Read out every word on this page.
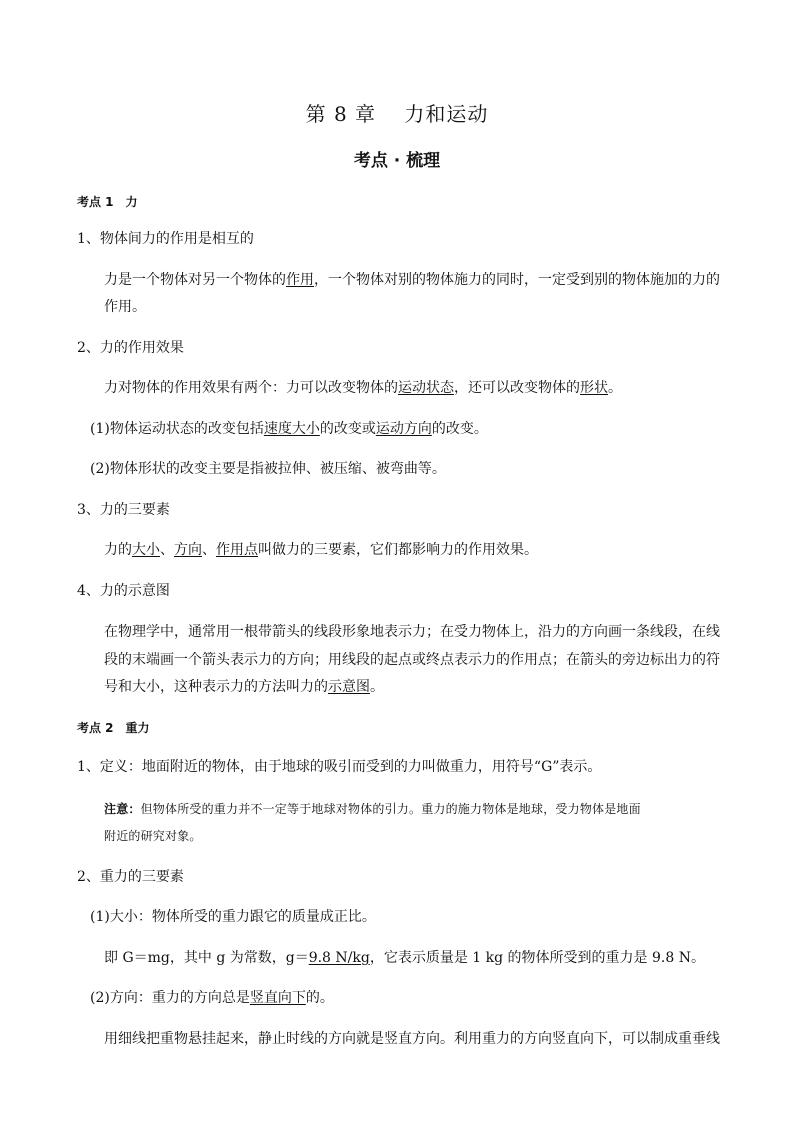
第 8 章　 力和运动
考点 · 梳理
考点 1　力
1、物体间力的作用是相互的
力是一个物体对另一个物体的作用，一个物体对别的物体施力的同时，一定受到别的物体施加的力的
作用。
2、力的作用效果
力对物体的作用效果有两个：力可以改变物体的运动状态，还可以改变物体的形状。
(1)物体运动状态的改变包括速度大小的改变或运动方向的改变。
(2)物体形状的改变主要是指被拉伸、被压缩、被弯曲等。
3、力的三要素
力的大小、方向、作用点叫做力的三要素，它们都影响力的作用效果。
4、力的示意图
在物理学中，通常用一根带箭头的线段形象地表示力；在受力物体上，沿力的方向画一条线段，在线
段的末端画一个箭头表示力的方向；用线段的起点或终点表示力的作用点；在箭头的旁边标出力的符
号和大小，这种表示力的方法叫力的示意图。
考点 2　重力
1、定义：地面附近的物体，由于地球的吸引而受到的力叫做重力，用符号“G”表示。
注意：但物体所受的重力并不一定等于地球对物体的引力。重力的施力物体是地球，受力物体是地面
附近的研究对象。
2、重力的三要素
(1)大小：物体所受的重力跟它的质量成正比。
即 G＝mg，其中 g 为常数，g＝9.8 N/kg，它表示质量是 1 kg 的物体所受到的重力是 9.8 N。
(2)方向：重力的方向总是竖直向下的。
用细线把重物悬挂起来，静止时线的方向就是竖直方向。利用重力的方向竖直向下，可以制成重垂线
